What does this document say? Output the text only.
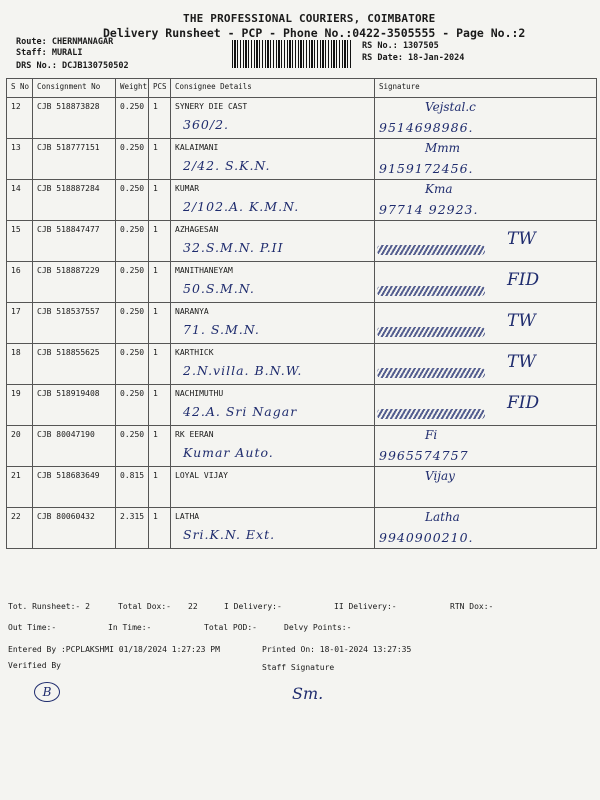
THE PROFESSIONAL COURIERS, COIMBATORE
Delivery Runsheet - PCP - Phone No.:0422-3505555 - Page No.:2
Route: CHERNMANAGAR
Staff: MURALI
DRS No.: DCJB130750502
RS No.: 1307505
RS Date: 18-Jan-2024
S No	Consignment No	Weight	PCS	Consignee Details	Signature

12	CJB 518873828	0.250	1	SYNERY DIE CAST
360/2.	Vejstal.c
9514698986.

13	CJB 518777151	0.250	1	KALAIMANI
2/42. S.K.N.	Mmm
9159172456.

14	CJB 518887284	0.250	1	KUMAR
2/102.A. K.M.N.	Kma
97714 92923.

15	CJB 518847477	0.250	1	AZHAGESAN
32.S.M.N. P.II	TW

16	CJB 518887229	0.250	1	MANITHANEYAM
50.S.M.N.	FID

17	CJB 518537557	0.250	1	NARANYA
71. S.M.N.	TW

18	CJB 518855625	0.250	1	KARTHICK
2.N.villa. B.N.W.	TW

19	CJB 518919408	0.250	1	NACHIMUTHU
42.A. Sri Nagar	FID

20	CJB 80047190	0.250	1	RK EERAN
Kumar Auto.	Fi
9965574757

21	CJB 518683649	0.815	1	LOYAL VIJAY	Vijay

22	CJB 80060432	2.315	1	LATHA
Sri.K.N. Ext.	Latha
9940900210.
Tot. Runsheet:- 2	Total Dox:- 22	I Delivery:-	II Delivery:-	RTN Dox:-
Out Time:-	In Time:-	Total POD:-	Delvy Points:-
Entered By :PCPLAKSHMI 01/18/2024 1:27:23 PM	Printed On: 18-01-2024 13:27:35
Verified By	Staff Signature
B	Sm.
